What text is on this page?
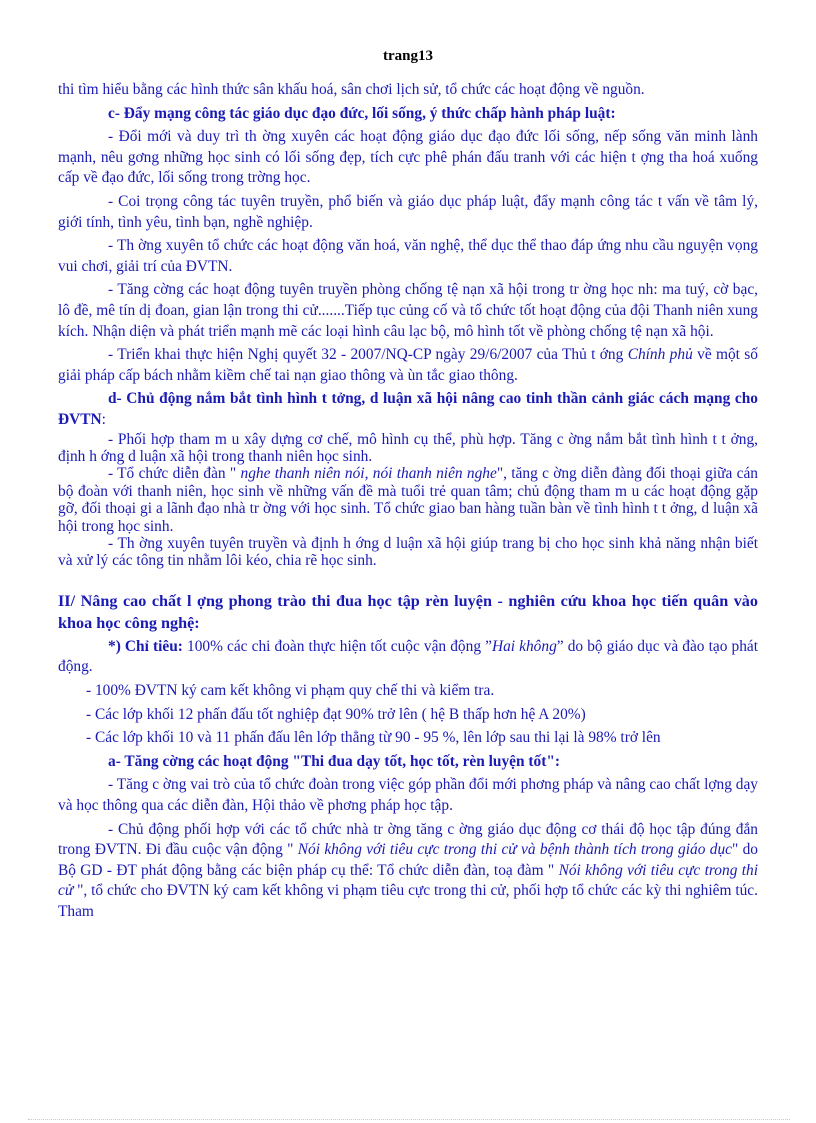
trang13

thi tìm hiểu bằng các hình thức sân khấu hoá, sân chơi lịch sử, tổ chức các hoạt động về nguồn.

c- Đẩy mạng công tác giáo dục đạo đức, lối sống, ý thức chấp hành pháp luật:

- Đổi mới và duy trì th ờng xuyên các hoạt động giáo dục đạo đức lối sống, nếp sống văn minh lành mạnh, nêu gơng những học sinh có lối sống đẹp, tích cực phê phán đấu tranh với các hiện t ợng tha hoá xuống cấp về đạo đức, lối sống trong trờng học.

- Coi trọng công tác tuyên truyền, phổ biến và giáo dục pháp luật, đẩy mạnh công tác t vấn về tâm lý, giới tính, tình yêu, tình bạn, nghề nghiệp.

- Th ờng xuyên tổ chức các hoạt động văn hoá, văn nghệ, thể dục thể thao đáp ứng nhu cầu nguyện vọng vui chơi, giải trí của ĐVTN.

- Tăng cờng các hoạt động tuyên truyền phòng chống tệ nạn xã hội trong tr ờng học nh: ma tuý, cờ bạc, lô đề, mê tín dị đoan, gian lận trong thi cử.......Tiếp tục củng cố và tổ chức tốt hoạt động của đội Thanh niên xung kích. Nhận diện và phát triển mạnh mẽ các loại hình câu lạc bộ, mô hình tốt về phòng chống tệ nạn xã hội.

- Triển khai thực hiện Nghị quyết 32 - 2007/NQ-CP ngày 29/6/2007 của Thủ t ớng Chính phủ về một số giải pháp cấp bách nhằm kiềm chế tai nạn giao thông và ùn tắc giao thông.

d- Chủ động nắm bắt tình hình t tởng, d luận xã hội nâng cao tinh thần cảnh giác cách mạng cho ĐVTN:

- Phối hợp tham m u xây dựng cơ chế, mô hình cụ thể, phù hợp. Tăng c ờng nắm bắt tình hình t t ởng, định h ớng d luận xã hội trong thanh niên học sinh.

- Tổ chức diễn đàn " nghe thanh niên nói, nói thanh niên nghe", tăng c ờng diễn đàng đối thoại giữa cán bộ đoàn với thanh niên, học sinh về những vấn đề mà tuổi trẻ quan tâm; chủ động tham m u các hoạt động gặp gỡ, đối thoại gi a lãnh đạo nhà tr ờng với học sinh. Tổ chức giao ban hàng tuần bàn về tình hình t t ởng, d luận xã hội trong học sinh.

- Th ờng xuyên tuyên truyền và định h ớng d luận xã hội giúp trang bị cho học sinh khả năng nhận biết và xử lý các tông tin nhằm lôi kéo, chia rẽ học sinh.

II/ Nâng cao chất l ợng phong trào thi đua học tập rèn luyện - nghiên cứu khoa học tiến quân vào khoa học công nghệ:

*) Chỉ tiêu: 100% các chi đoàn thực hiện tốt cuộc vận động ”Hai không” do bộ giáo dục và đào tạo phát động.

- 100% ĐVTN ký cam kết không vi phạm quy chế thi và kiểm tra.

- Các lớp khối 12 phấn đấu tốt nghiệp đạt 90% trở lên ( hệ B thấp hơn hệ A 20%)

- Các lớp khối 10 và 11 phấn đấu lên lớp thẳng từ 90 - 95 %, lên lớp sau thi lại là 98% trở lên

a- Tăng cờng các hoạt động "Thi đua dạy tốt, học tốt, rèn luyện tốt":

- Tăng c ờng vai trò của tổ chức đoàn trong việc góp phần đổi mới phơng pháp và nâng cao chất lợng dạy và học thông qua các diễn đàn, Hội thảo về phơng pháp học tập.

- Chủ động phối hợp với các tổ chức nhà tr ờng tăng c ờng giáo dục động cơ thái độ học tập đúng đắn trong ĐVTN. Đi đầu cuộc vận động " Nói không với tiêu cực trong thi cử và bệnh thành tích trong giáo dục" do Bộ GD - ĐT phát động bằng các biện pháp cụ thể: Tổ chức diễn đàn, toạ đàm " Nói không với tiêu cực trong thi cử ", tổ chức cho ĐVTN ký cam kết không vi phạm tiêu cực trong thi cử, phối hợp tổ chức các kỳ thi nghiêm túc. Tham
